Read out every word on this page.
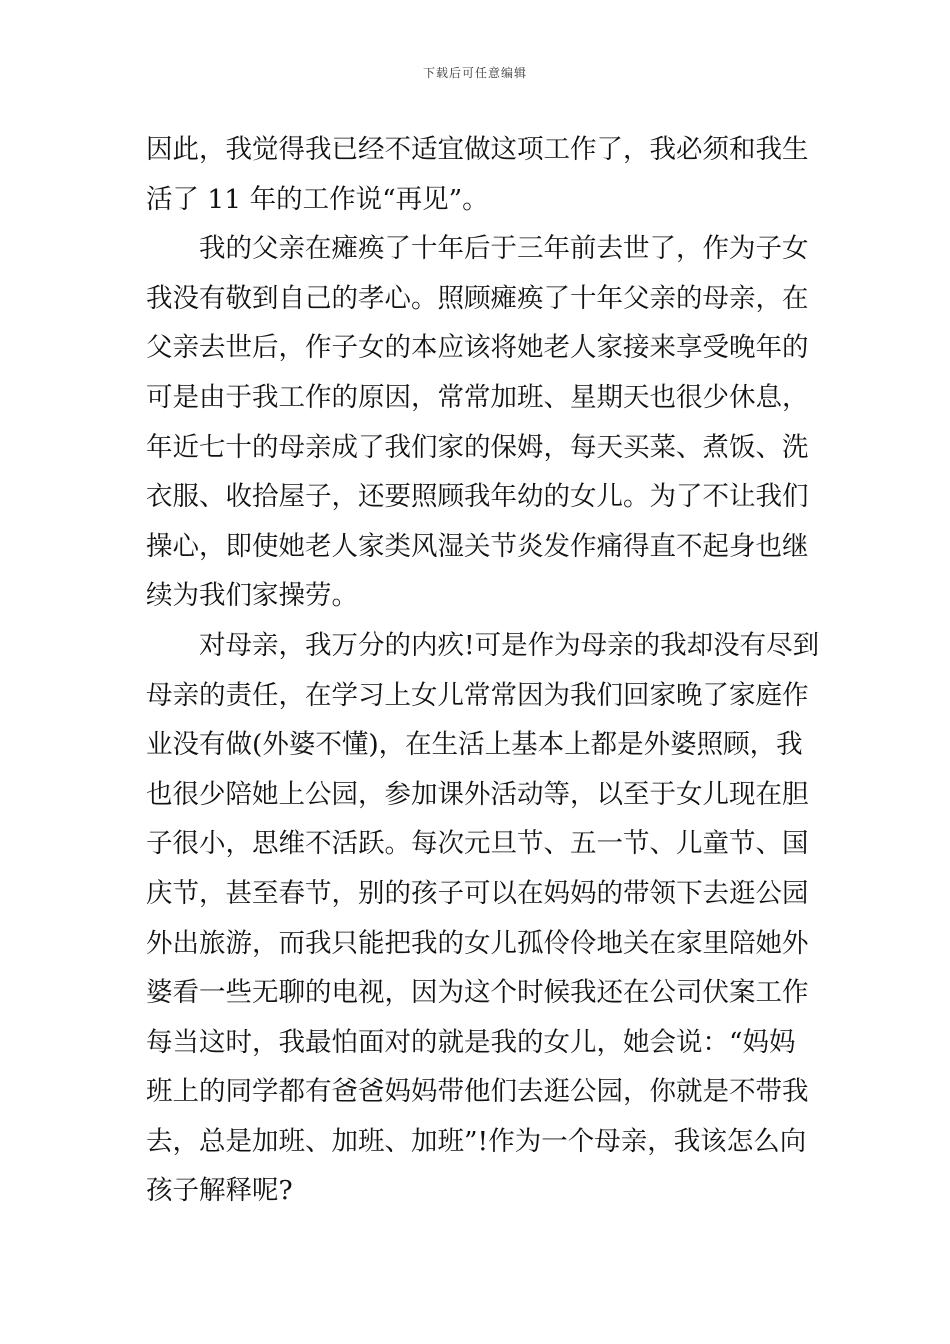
下载后可任意编辑
因此，我觉得我已经不适宜做这项工作了，我必须和我生
活了 11 年的工作说“再见”。
我的父亲在瘫痪了十年后于三年前去世了，作为子女
我没有敬到自己的孝心。照顾瘫痪了十年父亲的母亲，在
父亲去世后，作子女的本应该将她老人家接来享受晚年的
可是由于我工作的原因，常常加班、星期天也很少休息，
年近七十的母亲成了我们家的保姆，每天买菜、煮饭、洗
衣服、收拾屋子，还要照顾我年幼的女儿。为了不让我们
操心，即使她老人家类风湿关节炎发作痛得直不起身也继
续为我们家操劳。
对母亲，我万分的内疚!可是作为母亲的我却没有尽到
母亲的责任，在学习上女儿常常因为我们回家晚了家庭作
业没有做(外婆不懂)，在生活上基本上都是外婆照顾，我
也很少陪她上公园，参加课外活动等，以至于女儿现在胆
子很小，思维不活跃。每次元旦节、五一节、儿童节、国
庆节，甚至春节，别的孩子可以在妈妈的带领下去逛公园
外出旅游，而我只能把我的女儿孤伶伶地关在家里陪她外
婆看一些无聊的电视，因为这个时候我还在公司伏案工作
每当这时，我最怕面对的就是我的女儿，她会说：“妈妈
班上的同学都有爸爸妈妈带他们去逛公园，你就是不带我
去，总是加班、加班、加班”!作为一个母亲，我该怎么向
孩子解释呢?
